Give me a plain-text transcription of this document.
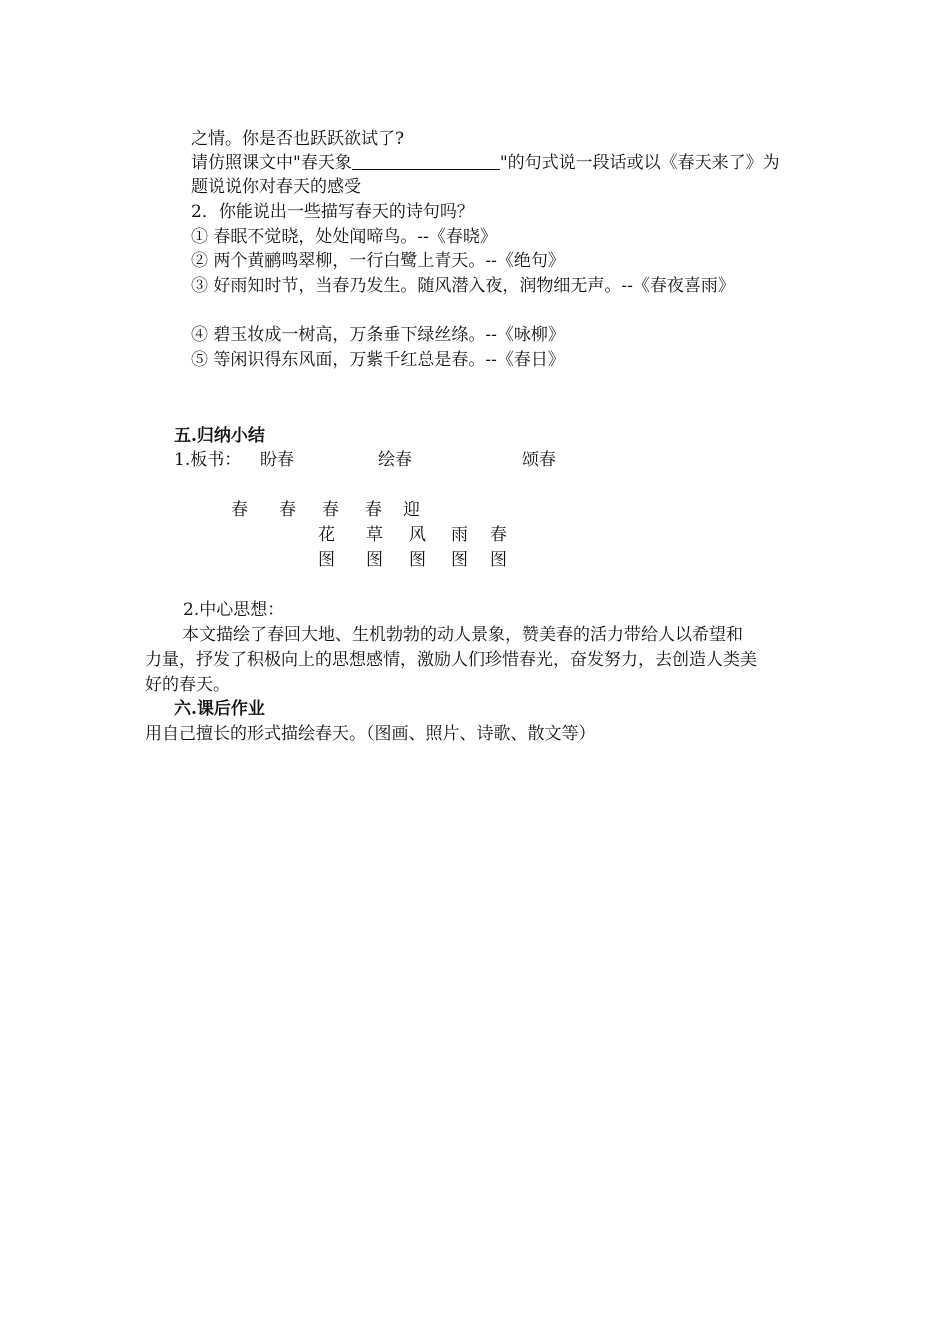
之情。你是否也跃跃欲试了?
请仿照课文中"春天象	"的句式说一段话或以《春天来了》为
题说说你对春天的感受
2．你能说出一些描写春天的诗句吗？
① 春眠不觉晓，处处闻啼鸟。--《春晓》
② 两个黄鹂鸣翠柳，一行白鹭上青天。--《绝句》
③ 好雨知时节，当春乃发生。随风潜入夜，润物细无声。--《春夜喜雨》
④ 碧玉妆成一树高，万条垂下绿丝绦。--《咏柳》
⑤ 等闲识得东风面，万紫千红总是春。--《春日》
五.归纳小结
1.板书： 盼春	绘春	颂春
春 春 春 春 迎
花 草 风 雨 春
图 图 图 图 图
2.中心思想：
本文描绘了春回大地、生机勃勃的动人景象，赞美春的活力带给人以希望和
力量，抒发了积极向上的思想感情，激励人们珍惜春光，奋发努力，去创造人类美
好的春天。
六.课后作业
用自己擅长的形式描绘春天。（图画、照片、诗歌、散文等）
